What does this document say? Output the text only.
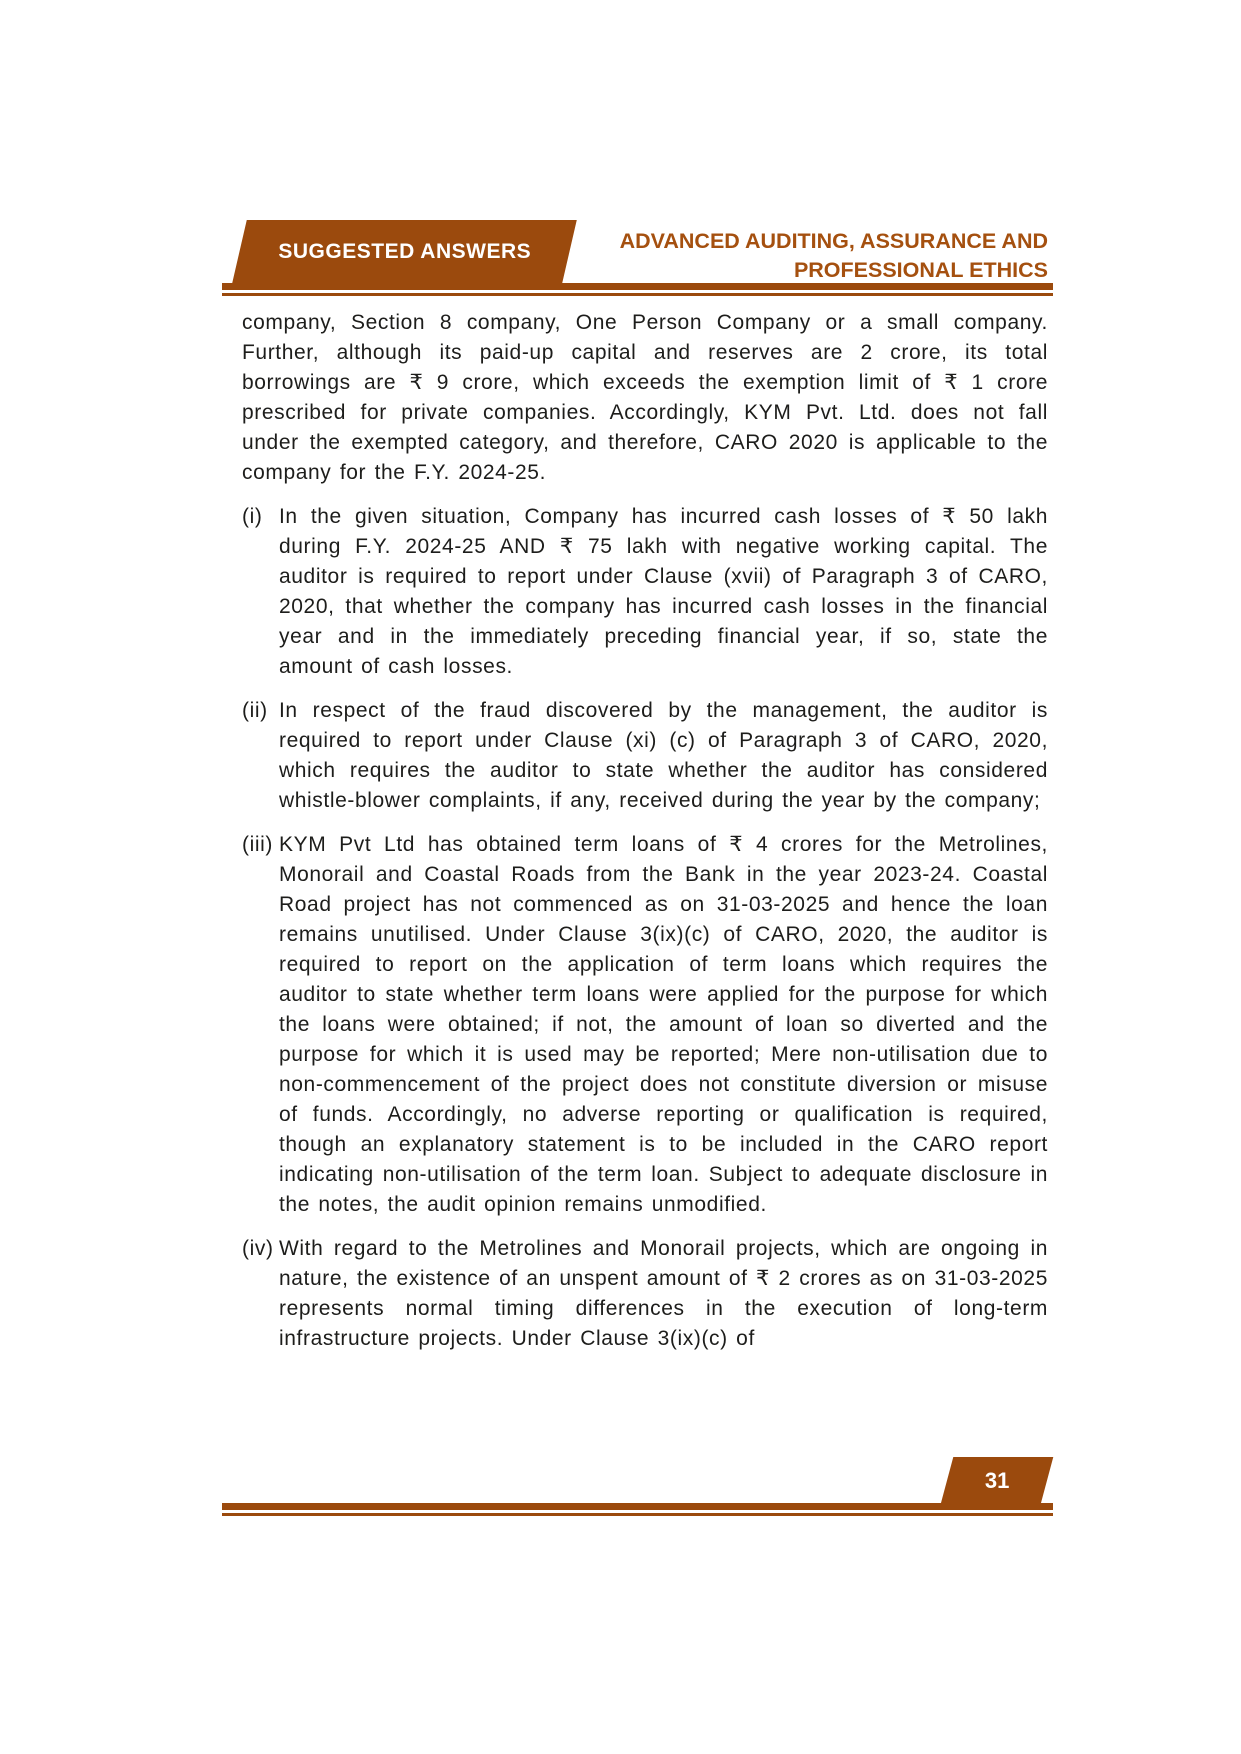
SUGGESTED ANSWERS	ADVANCED AUDITING, ASSURANCE AND
PROFESSIONAL ETHICS

company, Section 8 company, One Person Company or a small company. Further, although its paid-up capital and reserves are 2 crore, its total borrowings are ₹ 9 crore, which exceeds the exemption limit of ₹ 1 crore prescribed for private companies. Accordingly, KYM Pvt. Ltd. does not fall under the exempted category, and therefore, CARO 2020 is applicable to the company for the F.Y. 2024-25.

(i) In the given situation, Company has incurred cash losses of ₹ 50 lakh during F.Y. 2024-25 AND ₹ 75 lakh with negative working capital. The auditor is required to report under Clause (xvii) of Paragraph 3 of CARO, 2020, that whether the company has incurred cash losses in the financial year and in the immediately preceding financial year, if so, state the amount of cash losses.
(ii) In respect of the fraud discovered by the management, the auditor is required to report under Clause (xi) (c) of Paragraph 3 of CARO, 2020, which requires the auditor to state whether the auditor has considered whistle-blower complaints, if any, received during the year by the company;
(iii) KYM Pvt Ltd has obtained term loans of ₹ 4 crores for the Metrolines, Monorail and Coastal Roads from the Bank in the year 2023-24. Coastal Road project has not commenced as on 31-03-2025 and hence the loan remains unutilised. Under Clause 3(ix)(c) of CARO, 2020, the auditor is required to report on the application of term loans which requires the auditor to state whether term loans were applied for the purpose for which the loans were obtained; if not, the amount of loan so diverted and the purpose for which it is used may be reported; Mere non-utilisation due to non-commencement of the project does not constitute diversion or misuse of funds. Accordingly, no adverse reporting or qualification is required, though an explanatory statement is to be included in the CARO report indicating non-utilisation of the term loan. Subject to adequate disclosure in the notes, the audit opinion remains unmodified.
(iv) With regard to the Metrolines and Monorail projects, which are ongoing in nature, the existence of an unspent amount of ₹ 2 crores as on 31-03-2025 represents normal timing differences in the execution of long-term infrastructure projects. Under Clause 3(ix)(c) of
31
